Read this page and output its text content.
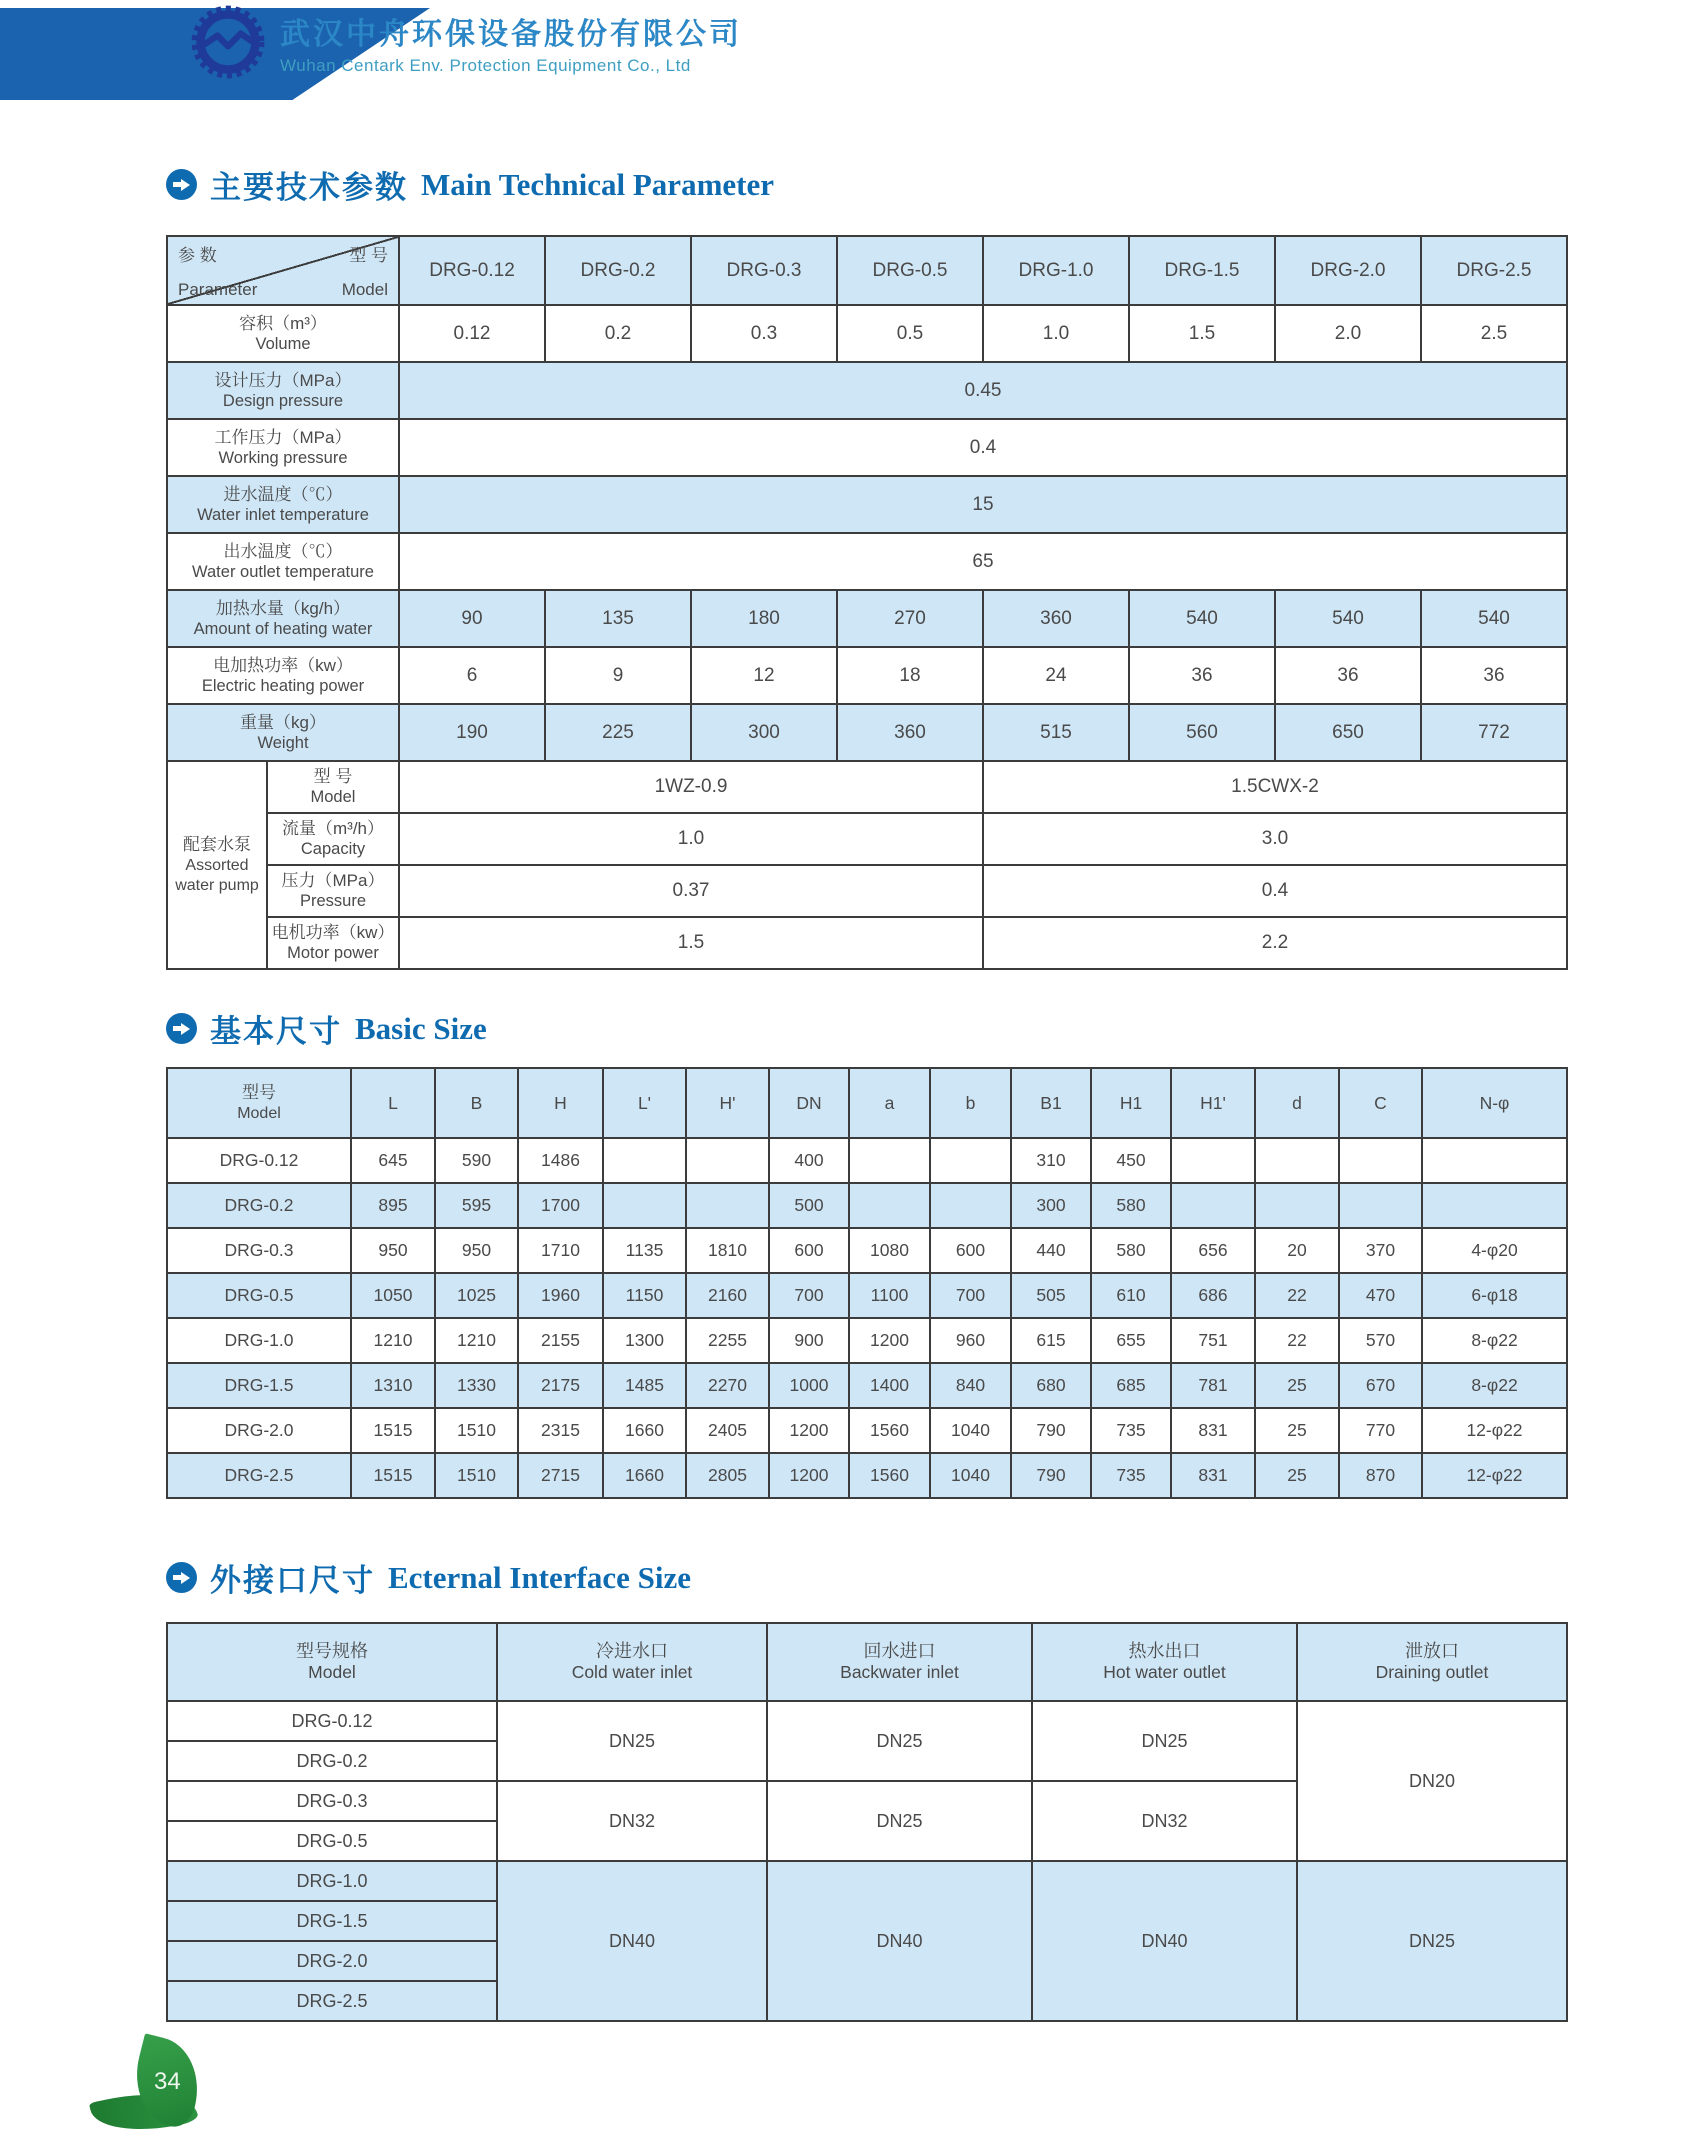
武汉中舟环保设备股份有限公司
Wuhan Centark Env. Protection Equipment Co., Ltd
主要技术参数 Main Technical Parameter
参 数 型 号
Parameter Model		DRG-0.12	DRG-0.2	DRG-0.3	DRG-0.5	DRG-1.0	DRG-1.5	DRG-2.0	DRG-2.5

容积（m³）
Volume		0.12	0.2	0.3	0.5	1.0	1.5	2.0	2.5

设计压力（MPa）
Design pressure		0.45							

工作压力（MPa）
Working pressure		0.4							

进水温度（℃）
Water inlet temperature		15							

出水温度（℃）
Water outlet temperature		65							

加热水量（kg/h）
Amount of heating water		90	135	180	270	360	540	540	540

电加热功率（kw）
Electric heating power		6	9	12	18	24	36	36	36

重量（kg）
Weight		190	225	300	360	515	560	650	772

配套水泵
Assorted water pump	型 号
Model	1WZ-0.9				1.5CWX-2			

	流量（m³/h）
Capacity	1.0				3.0			

	压力（MPa）
Pressure	0.37				0.4			

	电机功率（kw）
Motor power	1.5				2.2			
基本尺寸 Basic Size
型号
Model	L	B	H	L'	H'	DN	a	b	B1	H1	H1'	d	C	N-φ
DRG-0.12	645	590	1486			400			310	450				
DRG-0.2	895	595	1700			500			300	580				
DRG-0.3	950	950	1710	1135	1810	600	1080	600	440	580	656	20	370	4-φ20
DRG-0.5	1050	1025	1960	1150	2160	700	1100	700	505	610	686	22	470	6-φ18
DRG-1.0	1210	1210	2155	1300	2255	900	1200	960	615	655	751	22	570	8-φ22
DRG-1.5	1310	1330	2175	1485	2270	1000	1400	840	680	685	781	25	670	8-φ22
DRG-2.0	1515	1510	2315	1660	2405	1200	1560	1040	790	735	831	25	770	12-φ22
DRG-2.5	1515	1510	2715	1660	2805	1200	1560	1040	790	735	831	25	870	12-φ22
外接口尺寸 Ecternal Interface Size
型号规格
Model	冷进水口
Cold water inlet	回水进口
Backwater inlet	热水出口
Hot water outlet	泄放口
Draining outlet

DRG-0.12	DN25	DN25	DN25	DN20
DRG-0.2				
DRG-0.3	DN32	DN25	DN32	
DRG-0.5				
DRG-1.0	DN40	DN40	DN40	DN25
DRG-1.5				
DRG-2.0				
DRG-2.5				
34
